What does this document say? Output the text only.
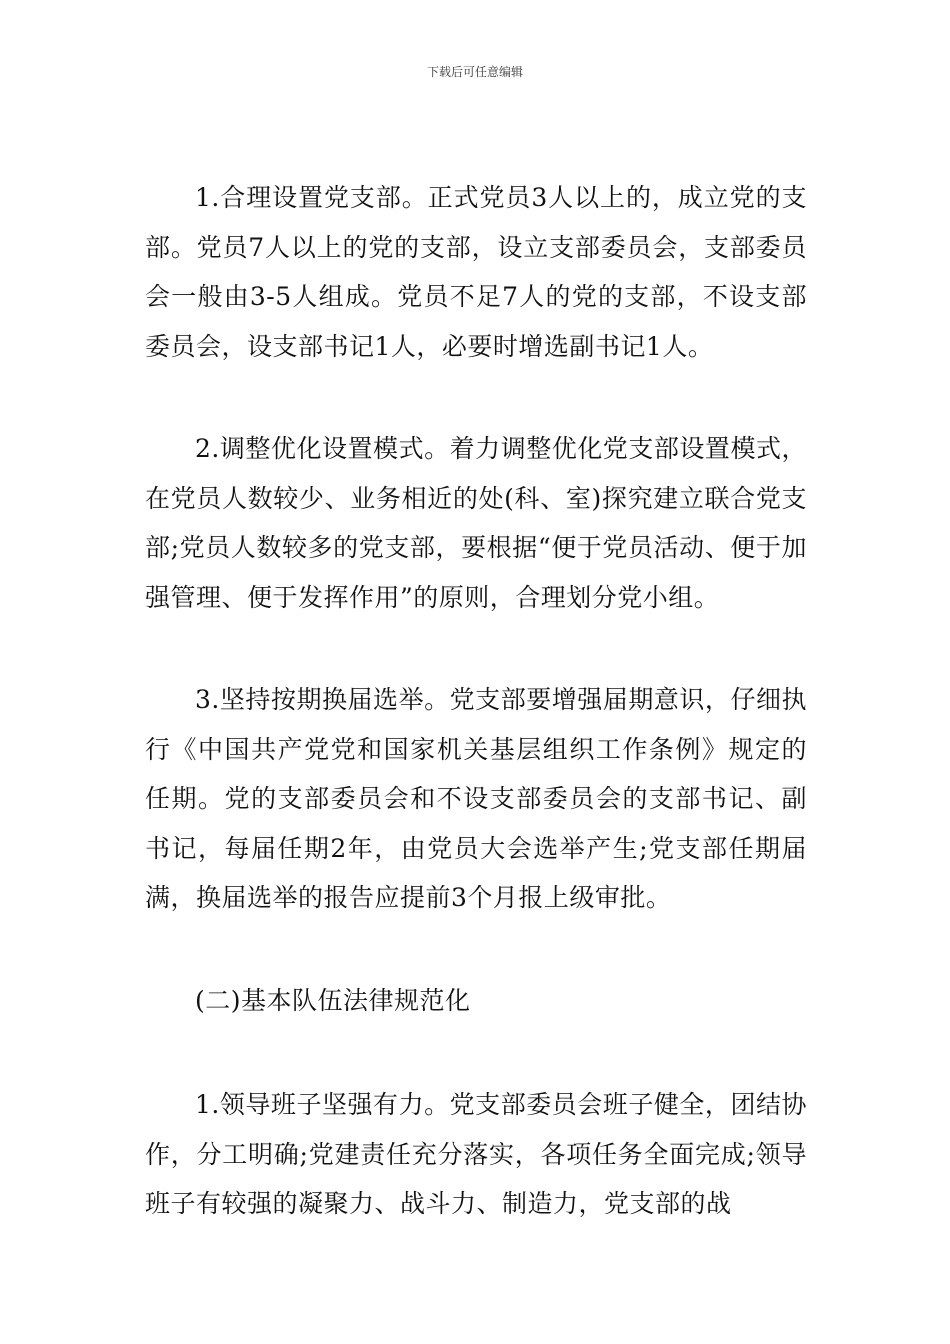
下载后可任意编辑

1.合理设置党支部。正式党员3人以上的，成立党的支部。党员7人以上的党的支部，设立支部委员会，支部委员会一般由3-5人组成。党员不足7人的党的支部，不设支部委员会，设支部书记1人，必要时增选副书记1人。

2.调整优化设置模式。着力调整优化党支部设置模式，在党员人数较少、业务相近的处(科、室)探究建立联合党支部;党员人数较多的党支部，要根据“便于党员活动、便于加强管理、便于发挥作用”的原则，合理划分党小组。

3.坚持按期换届选举。党支部要增强届期意识，仔细执行《中国共产党党和国家机关基层组织工作条例》规定的任期。党的支部委员会和不设支部委员会的支部书记、副书记，每届任期2年，由党员大会选举产生;党支部任期届满，换届选举的报告应提前3个月报上级审批。

(二)基本队伍法律规范化

1.领导班子坚强有力。党支部委员会班子健全，团结协作，分工明确;党建责任充分落实，各项任务全面完成;领导班子有较强的凝聚力、战斗力、制造力，党支部的战
